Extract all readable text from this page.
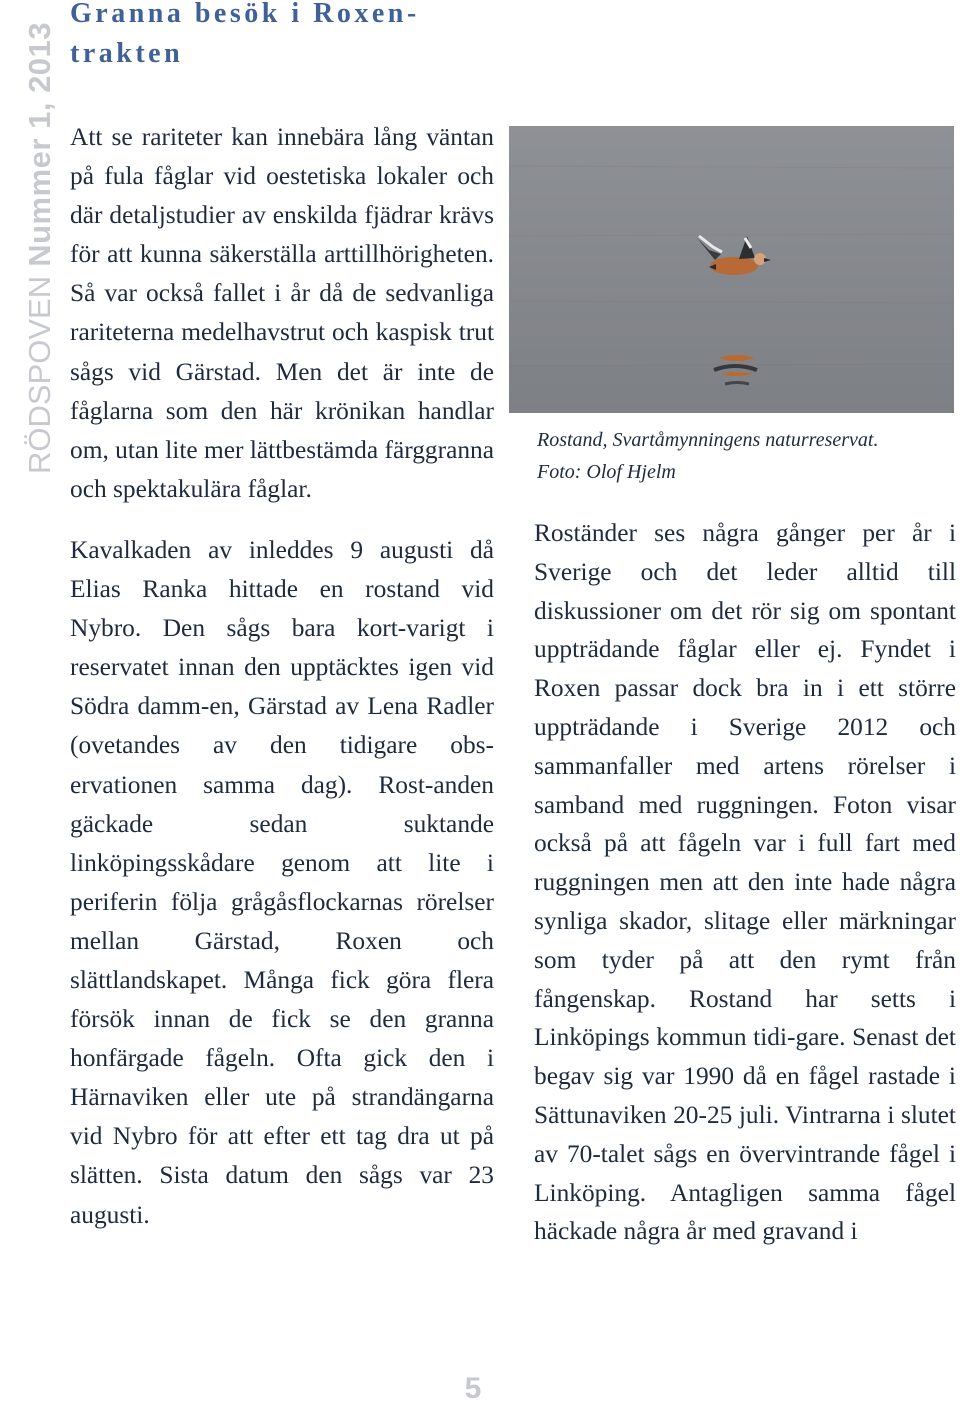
RÖDSPOVEN Nummer 1, 2013
Granna besök i Roxen-trakten

Att se rariteter kan innebära lång väntan på fula fåglar vid oestetiska lokaler och där detaljstudier av enskilda fjädrar krävs för att kunna säkerställa arttillhörigheten. Så var också fallet i år då de sedvanliga rariteterna medelhavstrut och kaspisk trut sågs vid Gärstad. Men det är inte de fåglarna som den här krönikan handlar om, utan lite mer lättbestämda färggranna och spektakulära fåglar.

Kavalkaden av inleddes 9 augusti då Elias Ranka hittade en rostand vid Nybro. Den sågs bara kort-varigt i reservatet innan den upptäcktes igen vid Södra damm-en, Gärstad av Lena Radler (ovetandes av den tidigare obs-ervationen samma dag). Rost-anden gäckade sedan suktande linköpingsskådare genom att lite i periferin följa grågåsflockarnas rörelser mellan Gärstad, Roxen och slättlandskapet. Många fick göra flera försök innan de fick se den granna honfärgade fågeln. Ofta gick den i Härnaviken eller ute på strandängarna vid Nybro för att efter ett tag dra ut på slätten. Sista datum den sågs var 23 augusti.

Rostand, Svartåmynningens naturreservat.
Foto: Olof Hjelm

Roständer ses några gånger per år i Sverige och det leder alltid till diskussioner om det rör sig om spontant uppträdande fåglar eller ej. Fyndet i Roxen passar dock bra in i ett större uppträdande i Sverige 2012 och sammanfaller med artens rörelser i samband med ruggningen. Foton visar också på att fågeln var i full fart med ruggningen men att den inte hade några synliga skador, slitage eller märkningar som tyder på att den rymt från fångenskap. Rostand har setts i Linköpings kommun tidi-gare. Senast det begav sig var 1990 då en fågel rastade i Sättunaviken 20-25 juli. Vintrarna i slutet av 70-talet sågs en övervintrande fågel i Linköping. Antagligen samma fågel häckade några år med gravand i

5
